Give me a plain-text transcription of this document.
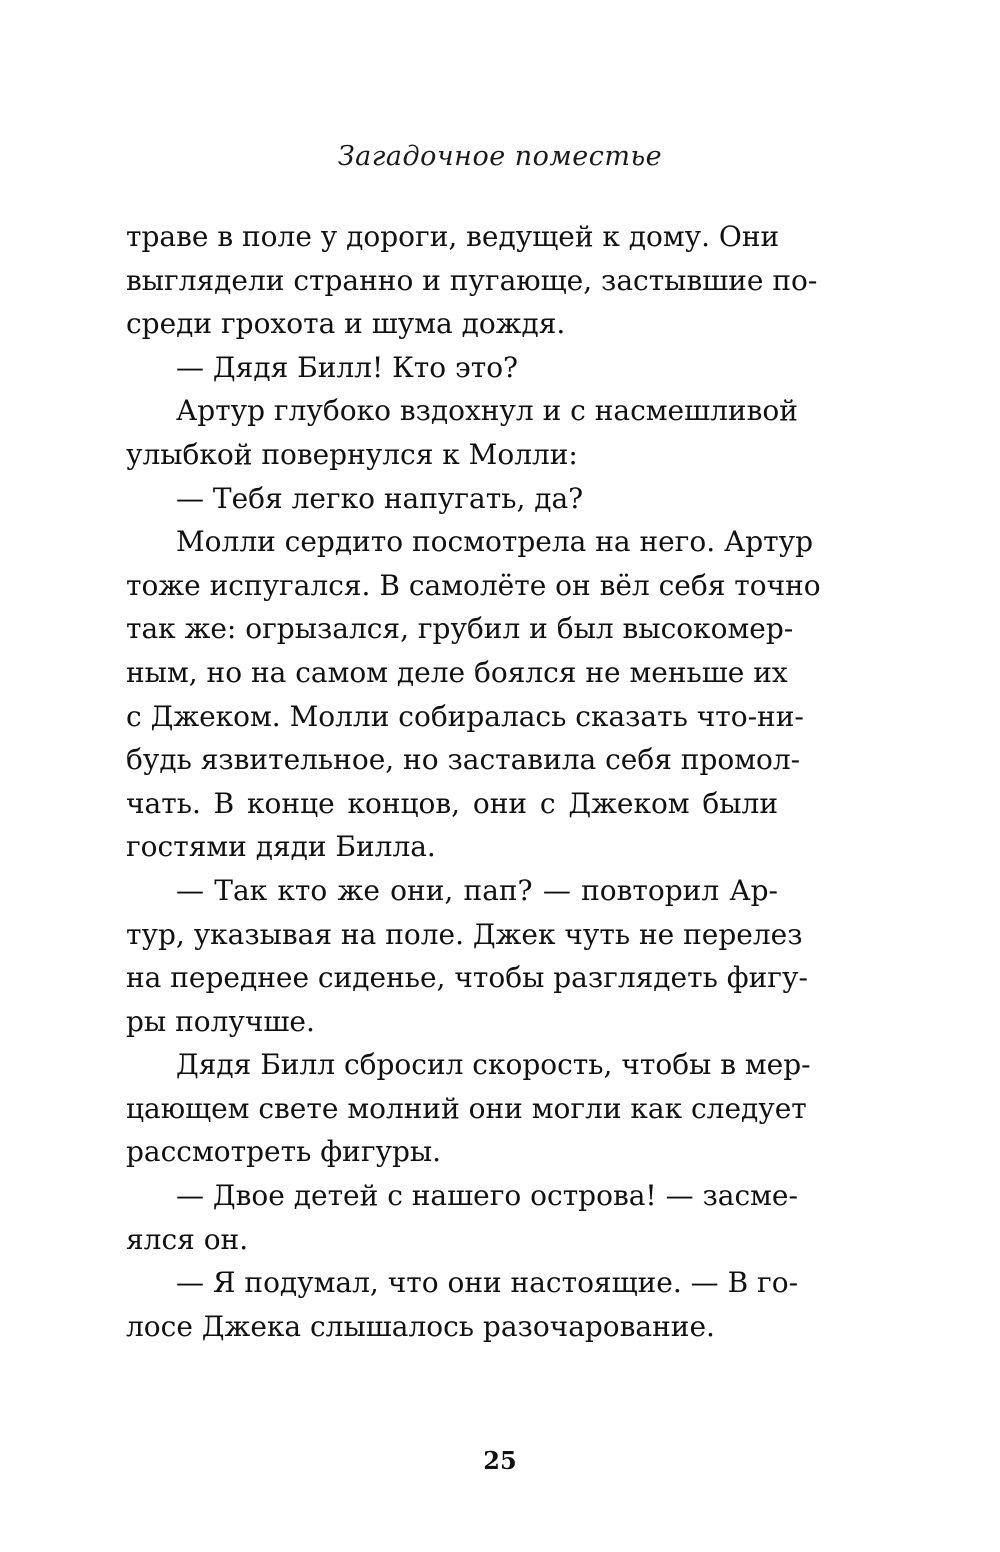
Загадочное поместье
траве в поле у дороги, ведущей к дому. Они
выглядели странно и пугающе, застывшие по-
среди грохота и шума дождя.
— Дядя Билл! Кто это?
Артур глубоко вздохнул и с насмешливой
улыбкой повернулся к Молли:
— Тебя легко напугать, да?
Молли сердито посмотрела на него. Артур
тоже испугался. В самолёте он вёл себя точно
так же: огрызался, грубил и был высокомер-
ным, но на самом деле боялся не меньше их
с Джеком. Молли собиралась сказать что-ни-
будь язвительное, но заставила себя промол-
чать. В конце концов, они с Джеком были
гостями дяди Билла.
— Так кто же они, пап? — повторил Ар-
тур, указывая на поле. Джек чуть не перелез
на переднее сиденье, чтобы разглядеть фигу-
ры получше.
Дядя Билл сбросил скорость, чтобы в мер-
цающем свете молний они могли как следует
рассмотреть фигуры.
— Двое детей с нашего острова! — засме-
ялся он.
— Я подумал, что они настоящие. — В го-
лосе Джека слышалось разочарование.
25
